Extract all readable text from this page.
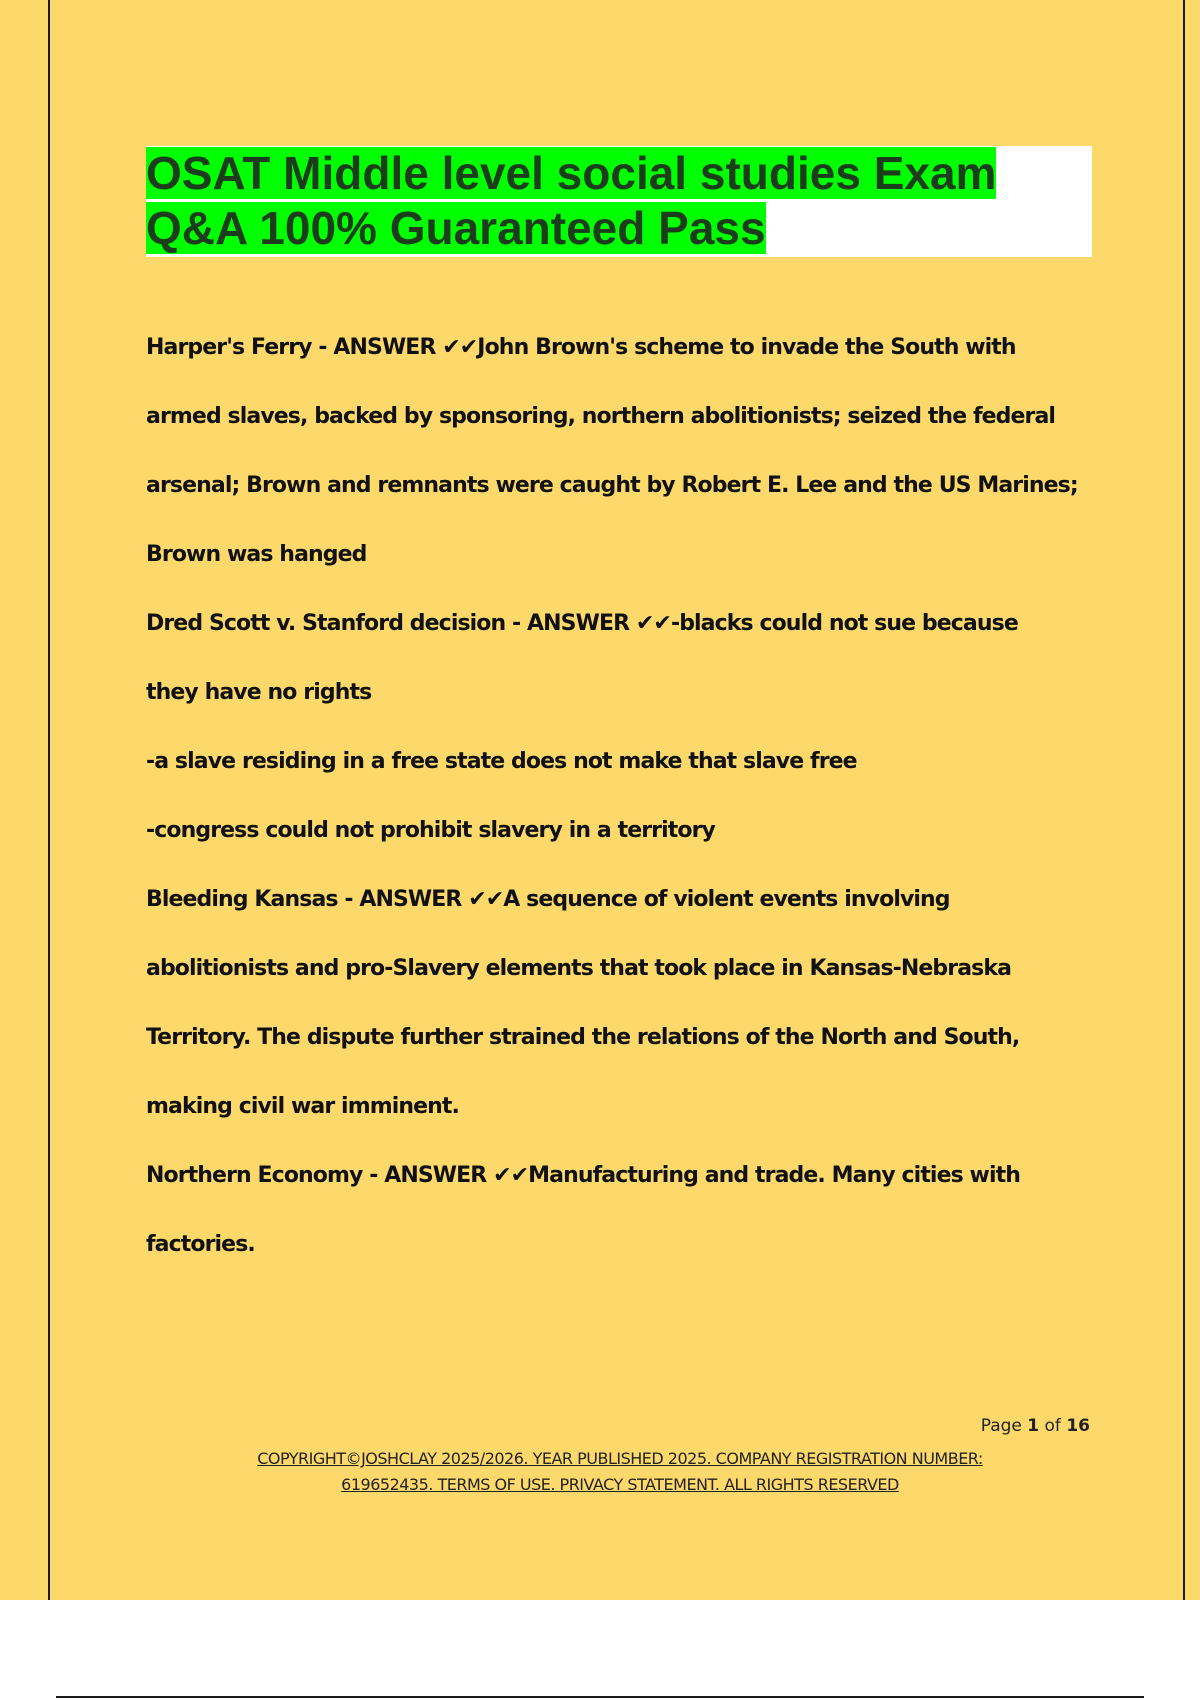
OSAT Middle level social studies Exam
Q&A 100% Guaranteed Pass
Harper's Ferry - ANSWER ✔✔John Brown's scheme to invade the South with
armed slaves, backed by sponsoring, northern abolitionists; seized the federal
arsenal; Brown and remnants were caught by Robert E. Lee and the US Marines;
Brown was hanged
Dred Scott v. Stanford decision - ANSWER ✔✔-blacks could not sue because
they have no rights
-a slave residing in a free state does not make that slave free
-congress could not prohibit slavery in a territory
Bleeding Kansas - ANSWER ✔✔A sequence of violent events involving
abolitionists and pro-Slavery elements that took place in Kansas-Nebraska
Territory. The dispute further strained the relations of the North and South,
making civil war imminent.
Northern Economy - ANSWER ✔✔Manufacturing and trade. Many cities with
factories.
Page 1 of 16
COPYRIGHT©JOSHCLAY 2025/2026. YEAR PUBLISHED 2025. COMPANY REGISTRATION NUMBER:
619652435. TERMS OF USE. PRIVACY STATEMENT. ALL RIGHTS RESERVED
